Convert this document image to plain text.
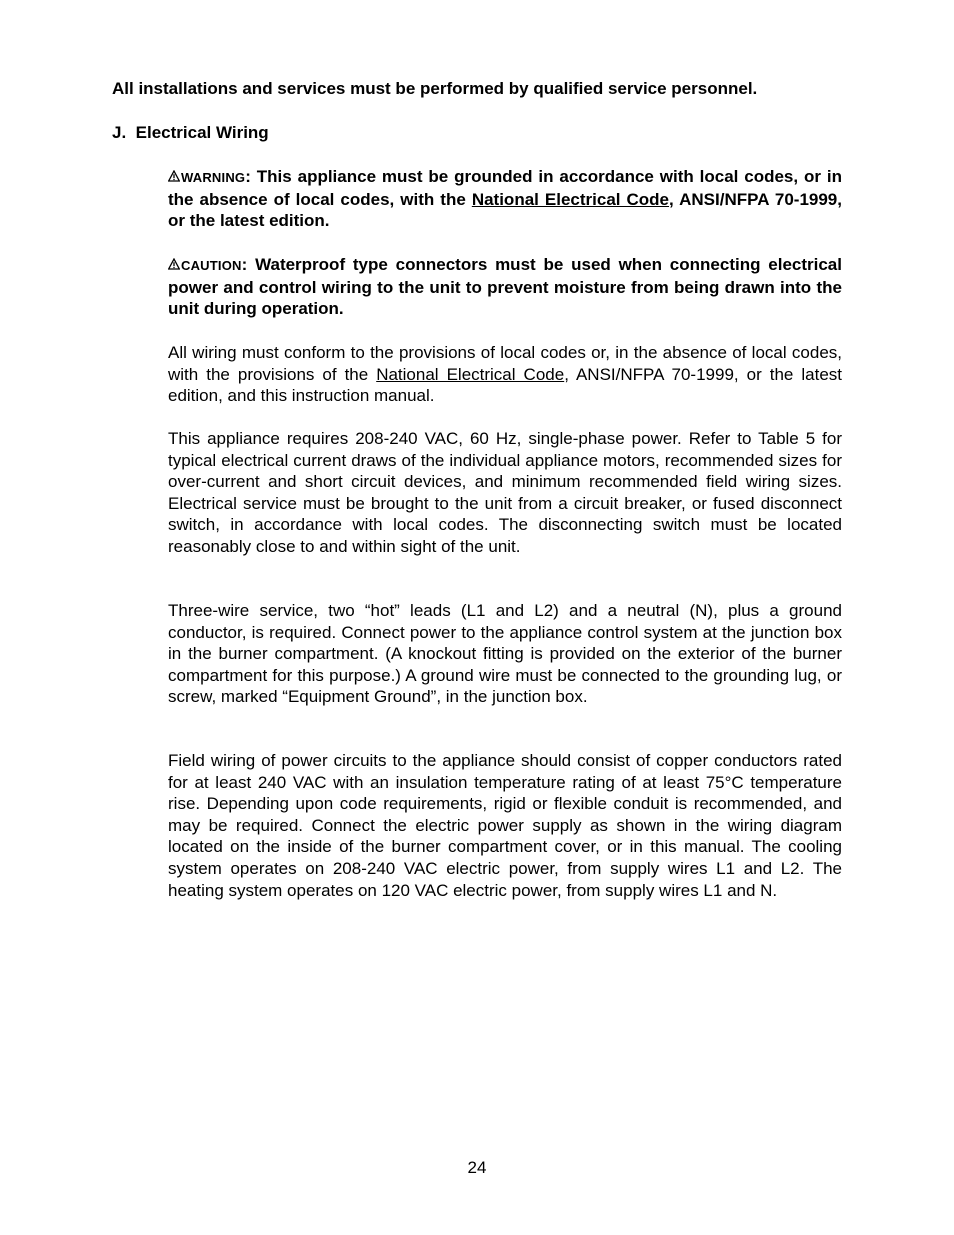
All installations and services must be performed by qualified service personnel.
J. Electrical Wiring

WARNING: This appliance must be grounded in accordance with local codes, or in the absence of local codes, with the National Electrical Code, ANSI/NFPA 70-1999, or the latest edition.

CAUTION: Waterproof type connectors must be used when connecting electrical power and control wiring to the unit to prevent moisture from being drawn into the unit during operation.

All wiring must conform to the provisions of local codes or, in the absence of local codes, with the provisions of the National Electrical Code, ANSI/NFPA 70-1999, or the latest edition, and this instruction manual.

This appliance requires 208-240 VAC, 60 Hz, single-phase power. Refer to Table 5 for typical electrical current draws of the individual appliance motors, recommended sizes for over-current and short circuit devices, and minimum recommended field wiring sizes. Electrical service must be brought to the unit from a circuit breaker, or fused disconnect switch, in accordance with local codes. The disconnecting switch must be located reasonably close to and within sight of the unit.

Three-wire service, two “hot” leads (L1 and L2) and a neutral (N), plus a ground conductor, is required. Connect power to the appliance control system at the junction box in the burner compartment. (A knockout fitting is provided on the exterior of the burner compartment for this purpose.) A ground wire must be connected to the grounding lug, or screw, marked “Equipment Ground”, in the junction box.

Field wiring of power circuits to the appliance should consist of copper conductors rated for at least 240 VAC with an insulation temperature rating of at least 75°C temperature rise. Depending upon code requirements, rigid or flexible conduit is recommended, and may be required. Connect the electric power supply as shown in the wiring diagram located on the inside of the burner compartment cover, or in this manual. The cooling system operates on 208-240 VAC electric power, from supply wires L1 and L2. The heating system operates on 120 VAC electric power, from supply wires L1 and N.

24
